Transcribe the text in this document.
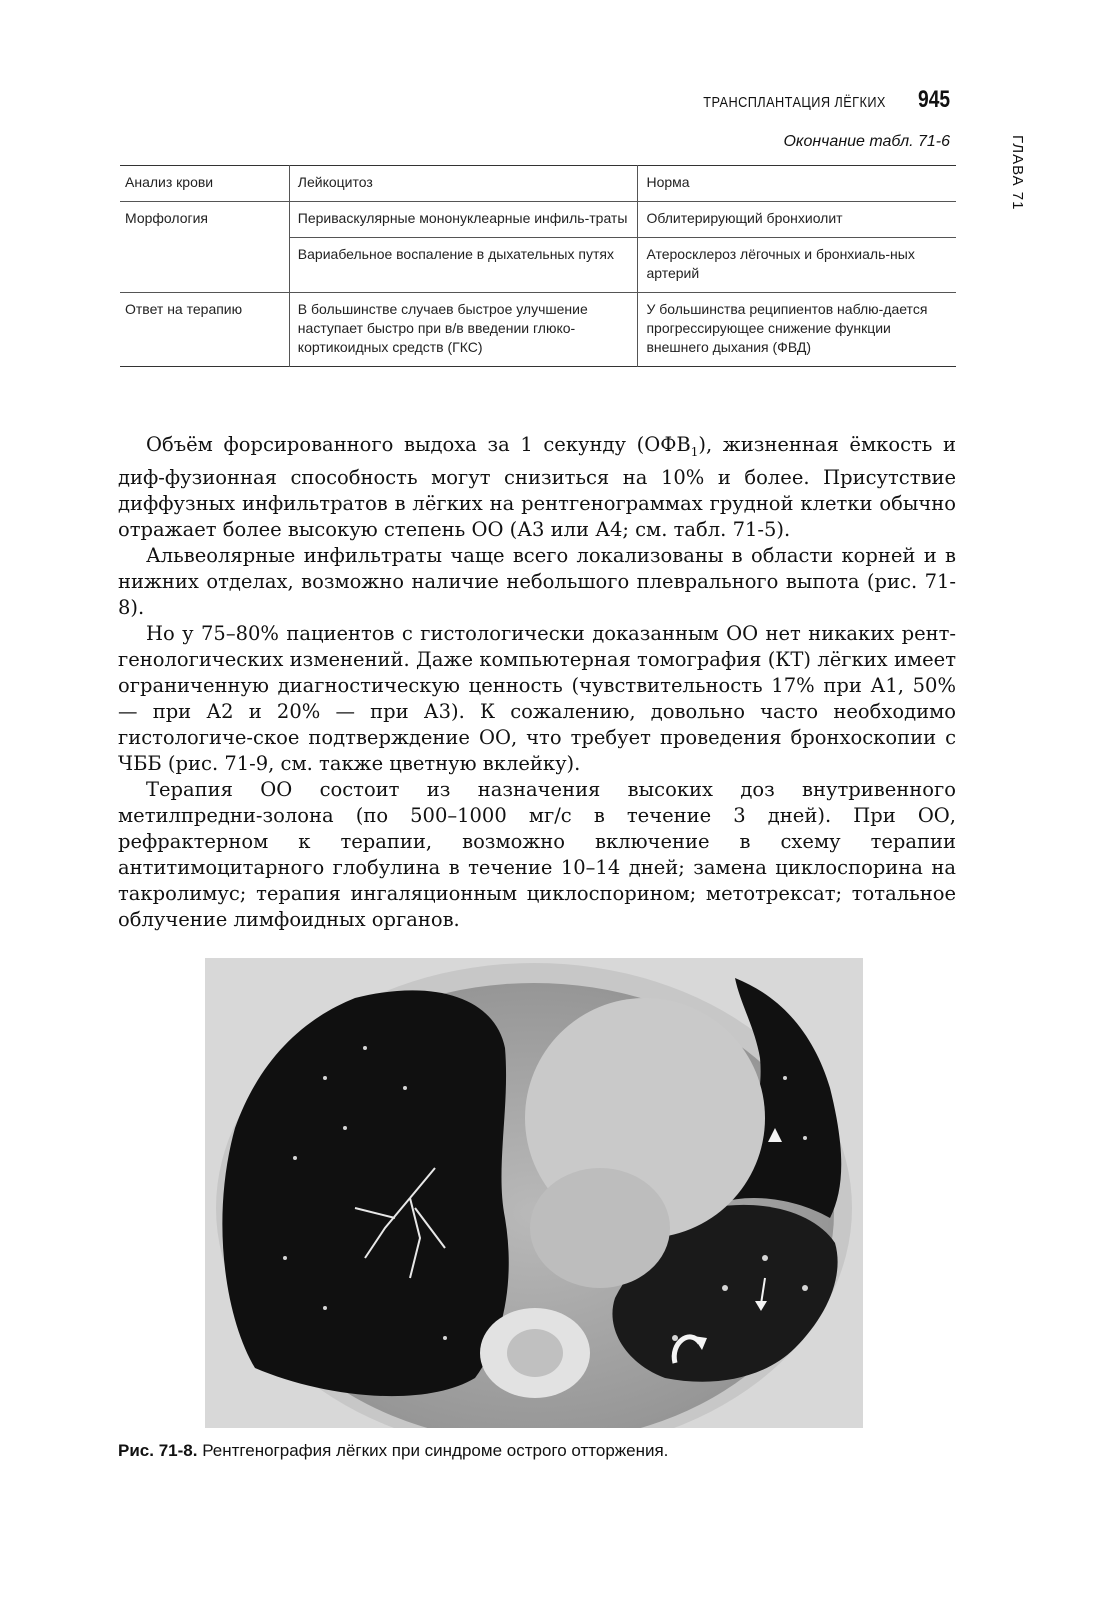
ТРАНСПЛАНТАЦИЯ ЛЁГКИХ 945
ГЛАВА 71
Окончание табл. 71-6
Анализ крови	Лейкоцитоз	Норма
Морфология	Периваскулярные мононуклеарные инфиль-траты	Облитерирующий бронхиолит
	Вариабельное воспаление в дыхательных путях	Атеросклероз лёгочных и бронхиаль-ных артерий
Ответ на терапию	В большинстве случаев быстрое улучшение наступает быстро при в/в введении глюко-кортикоидных средств (ГКС)	У большинства реципиентов наблю-дается прогрессирующее снижение функции внешнего дыхания (ФВД)

Объём форсированного выдоха за 1 секунду $(ОФВ_1)$, жизненная ёмкость и диф-фузионная способность могут снизиться на 10% и более. Присутствие диффузных инфильтратов в лёгких на рентгенограммах грудной клетки обычно отражает более высокую степень ОО (А3 или А4; см. табл. 71-5).

Альвеолярные инфильтраты чаще всего локализованы в области корней и в нижних отделах, возможно наличие небольшого плеврального выпота (рис. 71-8).

Но у 75–80% пациентов с гистологически доказанным ОО нет никаких рент-генологических изменений. Даже компьютерная томография (КТ) лёгких имеет ограниченную диагностическую ценность (чувствительность 17% при А1, 50% — при А2 и 20% — при А3). К сожалению, довольно часто необходимо гистологиче-ское подтверждение ОО, что требует проведения бронхоскопии с ЧББ (рис. 71-9, см. также цветную вклейку).

Терапия ОО состоит из назначения высоких доз внутривенного метилпредни-золона (по 500–1000 мг/с в течение 3 дней). При ОО, рефрактерном к терапии, возможно включение в схему терапии антитимоцитарного глобулина в течение 10–14 дней; замена циклоспорина на такролимус; терапия ингаляционным циклоспорином; метотрексат; тотальное облучение лимфоидных органов.

Рис. 71-8. Рентгенография лёгких при синдроме острого отторжения.
